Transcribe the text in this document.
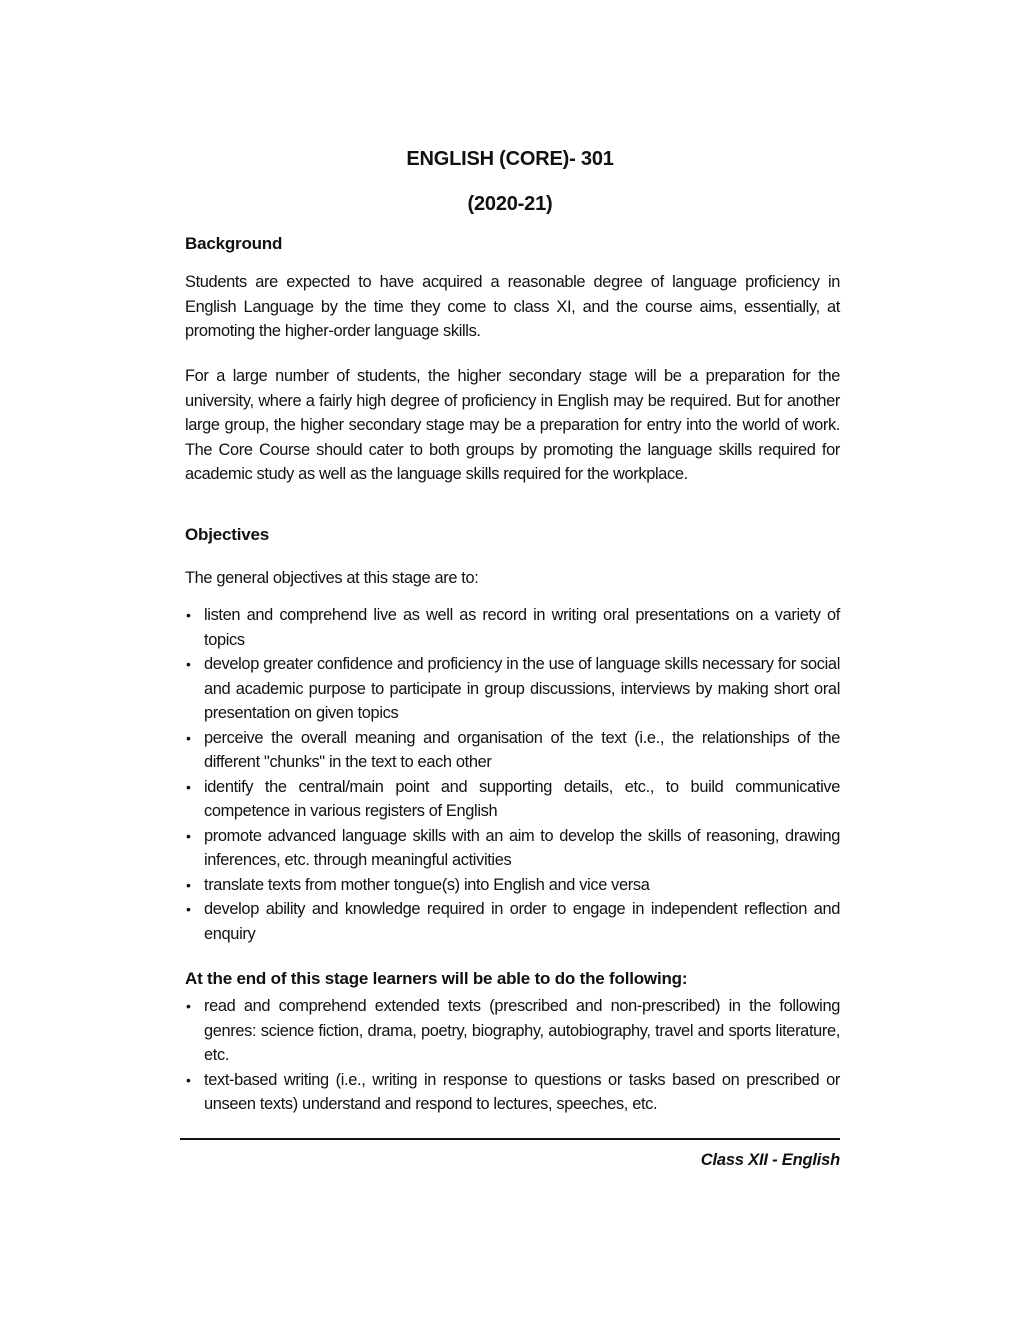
ENGLISH (CORE)- 301
(2020-21)
Background
Students are expected to have acquired a reasonable degree of language proficiency in English Language by the time they come to class XI, and the course aims, essentially, at promoting the higher-order language skills.
For a large number of students, the higher secondary stage will be a preparation for the university, where a fairly high degree of proficiency in English may be required. But for another large group, the higher secondary stage may be a preparation for entry into the world of work. The Core Course should cater to both groups by promoting the language skills required for academic study as well as the language skills required for the workplace.
Objectives
The general objectives at this stage are to:
• listen and comprehend live as well as record in writing oral presentations on a variety of topics
• develop greater confidence and proficiency in the use of language skills necessary for social and academic purpose to participate in group discussions, interviews by making short oral presentation on given topics
• perceive the overall meaning and organisation of the text (i.e., the relationships of the different "chunks" in the text to each other
• identify the central/main point and supporting details, etc., to build communicative competence in various registers of English
• promote advanced language skills with an aim to develop the skills of reasoning, drawing inferences, etc. through meaningful activities
• translate texts from mother tongue(s) into English and vice versa
• develop ability and knowledge required in order to engage in independent reflection and enquiry
At the end of this stage learners will be able to do the following:
• read and comprehend extended texts (prescribed and non-prescribed) in the following genres: science fiction, drama, poetry, biography, autobiography, travel and sports literature, etc.
• text-based writing (i.e., writing in response to questions or tasks based on prescribed or unseen texts) understand and respond to lectures, speeches, etc.
Class XII - English
